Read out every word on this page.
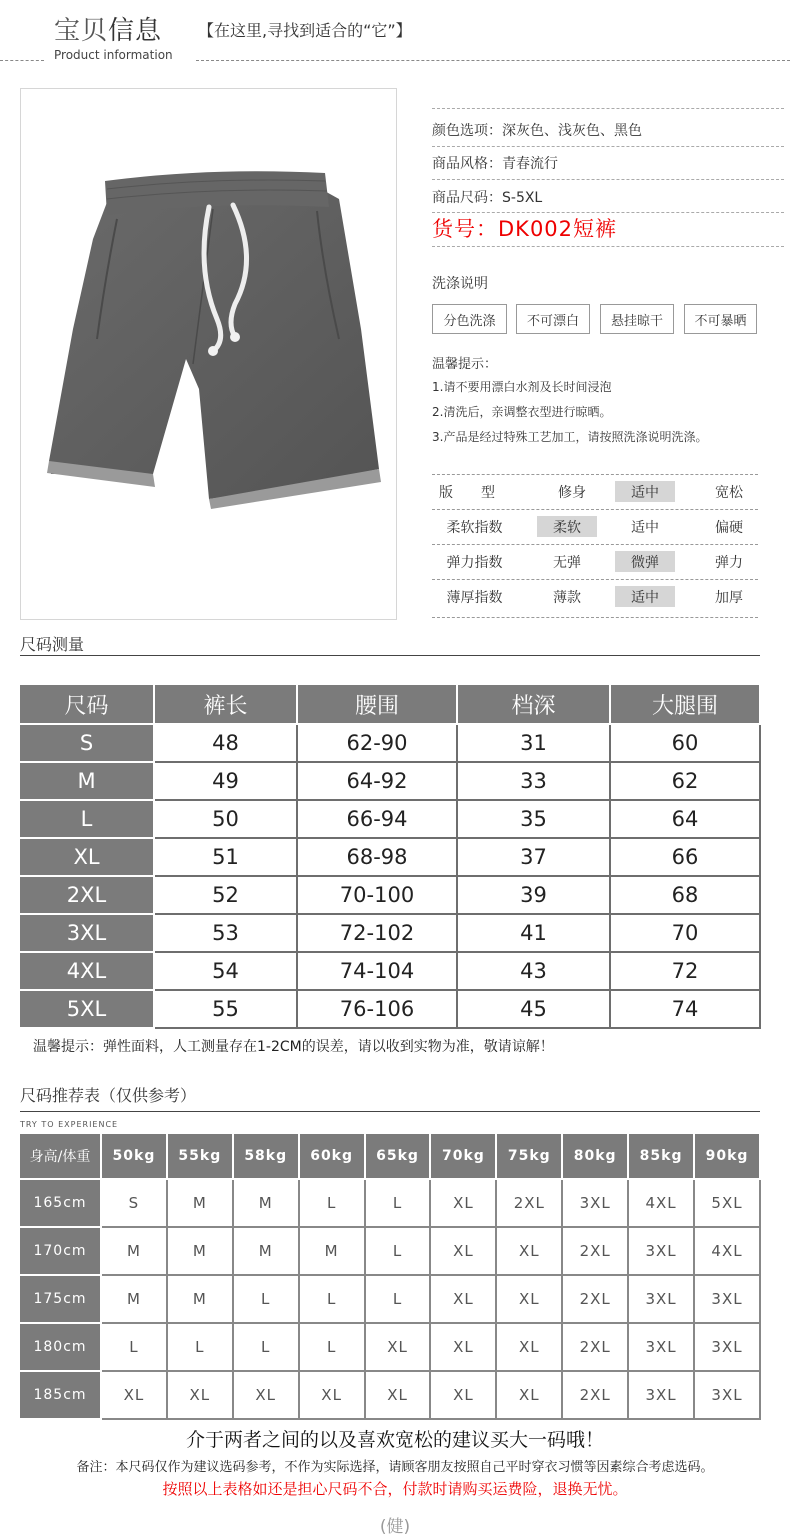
宝贝信息 【在这里,寻找到适合的“它”】
Product information
颜色选项：深灰色、浅灰色、黑色
商品风格：青春流行
商品尺码：S-5XL
货号：DK002短裤
洗涤说明
分色洗涤	不可漂白	悬挂晾干	不可暴晒
温馨提示：
1.请不要用漂白水剂及长时间浸泡
2.清洗后，亲调整衣型进行晾晒。
3.产品是经过特殊工艺加工，请按照洗涤说明洗涤。
版　　型	修身	适中	宽松
柔软指数	柔软	适中	偏硬
弹力指数	无弹	微弹	弹力
薄厚指数	薄款	适中	加厚
尺码测量
尺码	裤长	腰围	档深	大腿围
S	48	62-90	31	60
M	49	64-92	33	62
L	50	66-94	35	64
XL	51	68-98	37	66
2XL	52	70-100	39	68
3XL	53	72-102	41	70
4XL	54	74-104	43	72
5XL	55	76-106	45	74
温馨提示：弹性面料，人工测量存在1-2CM的误差，请以收到实物为准，敬请谅解！
尺码推荐表（仅供参考）
TRY TO EXPERIENCE
身高/体重	50kg	55kg	58kg	60kg	65kg	70kg	75kg	80kg	85kg	90kg
165cm	S	M	M	L	L	XL	2XL	3XL	4XL	5XL
170cm	M	M	M	M	L	XL	XL	2XL	3XL	4XL
175cm	M	M	L	L	L	XL	XL	2XL	3XL	3XL
180cm	L	L	L	L	XL	XL	XL	2XL	3XL	3XL
185cm	XL	XL	XL	XL	XL	XL	XL	2XL	3XL	3XL
介于两者之间的以及喜欢宽松的建议买大一码哦！
备注：本尺码仅作为建议选码参考，不作为实际选择，请顾客朋友按照自己平时穿衣习惯等因素综合考虑选码。
按照以上表格如还是担心尺码不合，付款时请购买运费险，退换无忧。
(健)
